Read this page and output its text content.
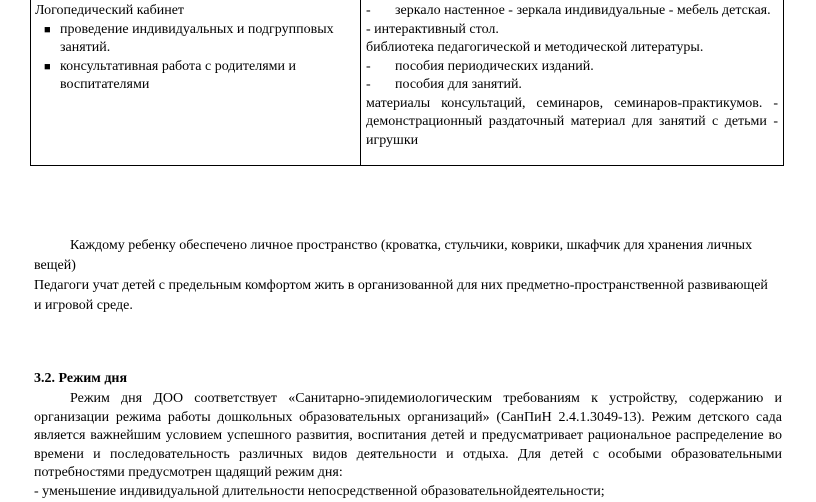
Логопедический кабинет
■ проведение индивидуальных и подгрупповых занятий.
■ консультативная работа с родителями и воспитателями
- зеркало настенное - зеркала индивидуальные - мебель детская.
- интерактивный стол.
библиотека педагогической и методической литературы.
- пособия периодических изданий.
- пособия для занятий.
материалы консультаций, семинаров, семинаров-практикумов. - демонстрационный раздаточный материал для занятий с детьми - игрушки
Каждому ребенку обеспечено личное пространство (кроватка, стульчики, коврики, шкафчик для хранения личных
вещей)
Педагоги учат детей с предельным комфортом жить в организованной для них предметно-пространственной развивающей
и игровой среде.
3.2. Режим дня
Режим дня ДОО соответствует «Санитарно-эпидемиологическим требованиям к устройству, содержанию и организации режима работы дошкольных образовательных организаций» (СанПиН 2.4.1.3049-13). Режим детского сада является важнейшим условием успешного развития, воспитания детей и предусматривает рациональное распределение во времени и последовательность различных видов деятельности и отдыха. Для детей с особыми образовательными потребностями предусмотрен щадящий режим дня:
- уменьшение индивидуальной длительности непосредственной образовательнойдеятельности;
